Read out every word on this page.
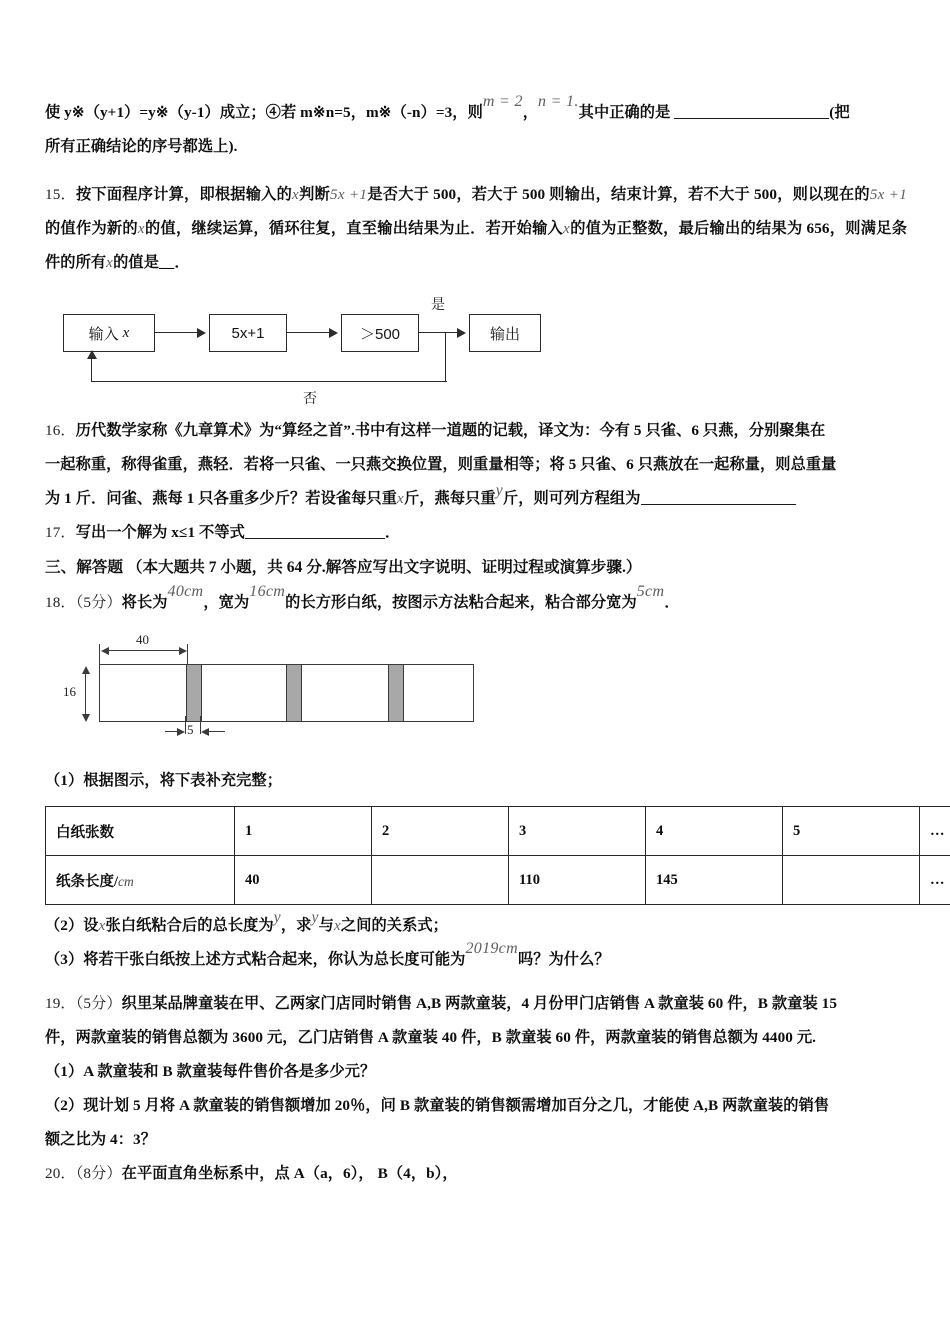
使 y※（y+1）=y※（y-1）成立；④若 m※n=5，m※（-n）=3，则m = 2，n = 1.其中正确的是	(把

所有正确结论的序号都选上).

15．按下面程序计算，即根据输入的x判断5x +1是否大于 500，若大于 500 则输出，结束计算，若不大于 500，则以现在的5x +1的值作为新的x的值，继续运算，循环往复，直至输出结果为止．若开始输入x的值为正整数，最后输出的结果为 656，则满足条件的所有x的值是__．

输入 x	5x+1	＞500
是
输出
否

16．历代数学家称《九章算术》为“算经之首”.书中有这样一道题的记载，译文为：今有 5 只雀、6 只燕，分别聚集在

一起称重，称得雀重，燕轻．若将一只雀、一只燕交换位置，则重量相等；将 5 只雀、6 只燕放在一起称量，则总重量

为 1 斤．问雀、燕每 1 只各重多少斤？若设雀每只重x斤，燕每只重y斤，则可列方程组为

17．写出一个解为 x≤1 不等式	．

三、解答题 （本大题共 7 小题，共 64 分.解答应写出文字说明、证明过程或演算步骤.）

18．（5分）将长为40cm，宽为16cm的长方形白纸，按图示方法粘合起来，粘合部分宽为5cm．

40
16
5

（1）根据图示，将下表补充完整；

白纸张数	1	2	3	4	5	…
纸条长度/cm	40		110	145		…

（2）设x张白纸粘合后的总长度为y，求y与x之间的关系式；

（3）将若干张白纸按上述方式粘合起来，你认为总长度可能为2019cm吗？为什么？

19．（5分）织里某品牌童装在甲、乙两家门店同时销售 A,B 两款童装，4 月份甲门店销售 A 款童装 60 件，B 款童装 15

件，两款童装的销售总额为 3600 元，乙门店销售 A 款童装 40 件，B 款童装 60 件，两款童装的销售总额为 4400 元.

（1）A 款童装和 B 款童装每件售价各是多少元？

（2）现计划 5 月将 A 款童装的销售额增加 20％，问 B 款童装的销售额需增加百分之几，才能使 A,B 两款童装的销售

额之比为 4：3？

20．（8分）在平面直角坐标系中，点 A（a，6）， B（4，b），
